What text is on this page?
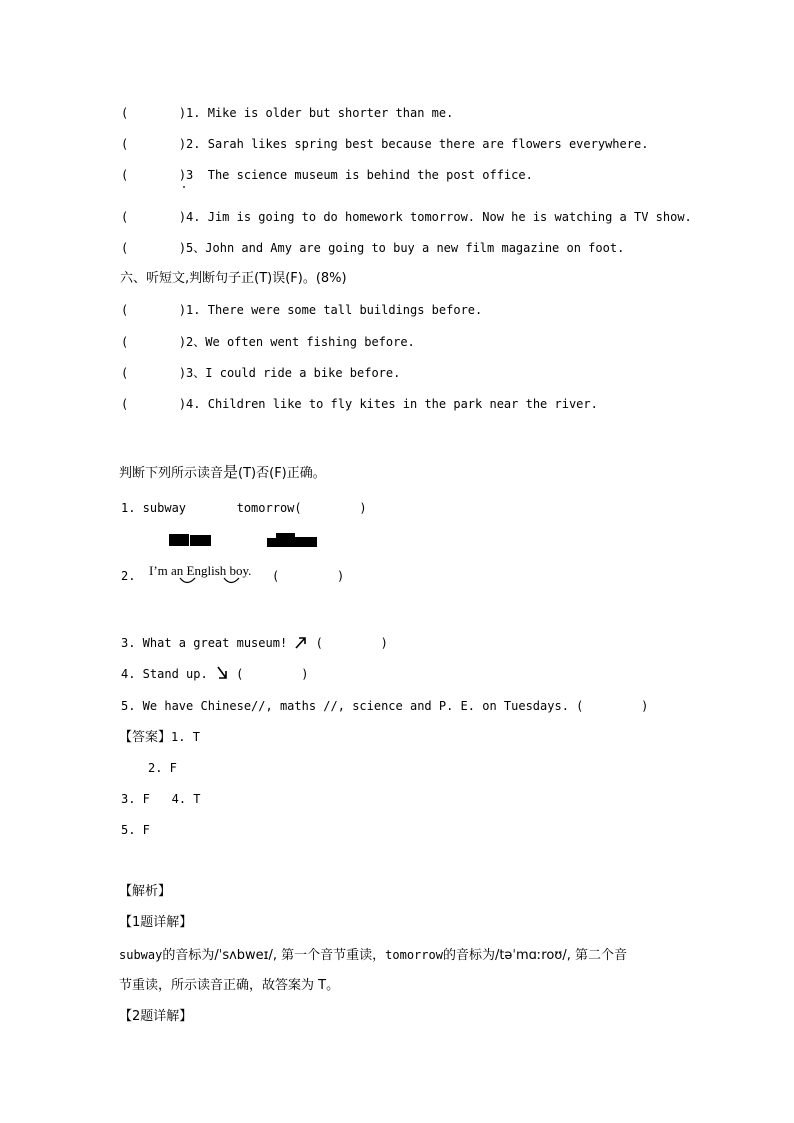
(	)1. Mike is older but shorter than me.
(	)2. Sarah likes spring best because there are flowers everywhere.
(	)3  The science museum is behind the post office.
(	)4. Jim is going to do homework tomorrow. Now he is watching a TV show.
(	)5、John and Amy are going to buy a new film magazine on foot.
六、听短文,判断句子正(T)误(F)。(8%)
(	)1. There were some tall buildings before.
(	)2、We often went fishing before.
(	)3、I could ride a bike before.
(	)4. Children like to fly kites in the park near the river.
判断下列所示读音是(T)否(F)正确。
1. subway	tomorrow(        )
2. I’m an English boy. (        )
3. What a great museum! (        )
4. Stand up. (        )
5. We have Chinese//, maths //, science and P. E. on Tuesdays. (        )
【答案】1. T
2. F
3. F 4. T
5. F
【解析】
【1题详解】
subway的音标为/ˈsʌbweɪ/, 第一个音节重读，tomorrow的音标为/təˈmɑːroʊ/, 第二个音
节重读，所示读音正确，故答案为 T。
【2题详解】
